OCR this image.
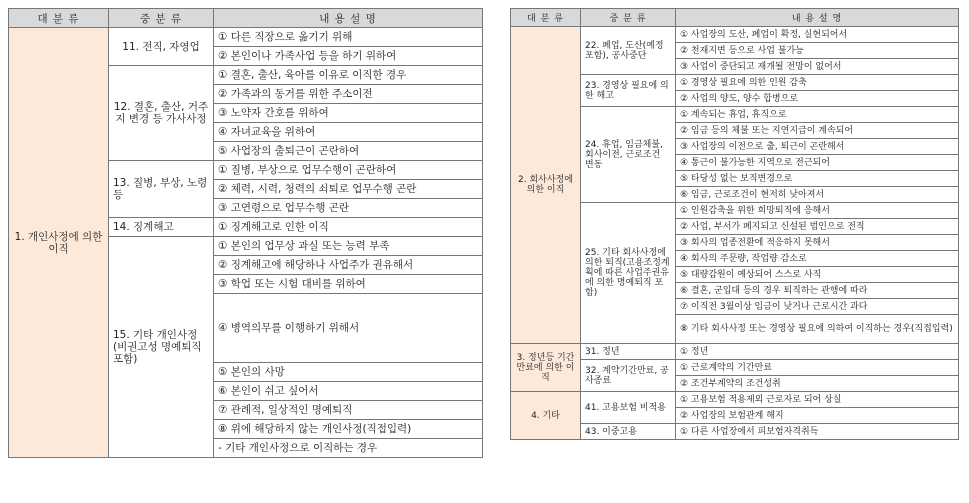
대 분 류	중 분 류	내 용 설 명
1. 개인사정에 의한 이직	11. 전직, 자영업	① 다른 직장으로 옮기기 위해
		② 본인이나 가족사업 등을 하기 위하여
	12. 결혼, 출산, 거주지 변경 등 가사사정	① 결혼, 출산, 육아를 이유로 이직한 경우
		② 가족과의 동거를 위한 주소이전
		③ 노약자 간호를 위하여
		④ 자녀교육을 위하여
		⑤ 사업장의 출퇴근이 곤란하여
	13. 질병, 부상, 노령 등	① 질병, 부상으로 업무수행이 곤란하여
		② 체력, 시력, 청력의 쇠퇴로 업무수행 곤란
		③ 고연령으로 업무수행 곤란
	14. 징계해고	① 징계해고로 인한 이직
	15. 기타 개인사정(비권고성 명예퇴직 포함)	① 본인의 업무상 과실 또는 능력 부족
		② 징계해고에 해당하나 사업주가 권유해서
		③ 학업 또는 시험 대비를 위하여
		④ 병역의무를 이행하기 위해서
		⑤ 본인의 사망
		⑥ 본인이 쉬고 싶어서
		⑦ 관례적, 일상적인 명예퇴직
		⑧ 위에 해당하지 않는 개인사정(직접입력)
		- 기타 개인사정으로 이직하는 경우
대 분 류	중 분 류	내 용 설 명
2. 회사사정에 의한 이직	22. 폐업, 도산(예정포함), 공사중단	① 사업장의 도산, 폐업이 확정, 실현되어서
		② 천재지변 등으로 사업 불가능
		③ 사업이 중단되고 재개될 전망이 없어서
	23. 경영상 필요에 의한 해고	① 경영상 필요에 의한 인원 감축
		② 사업의 양도, 양수 합병으로
	24. 휴업, 임금체불, 회사이전, 근로조건 변동	① 계속되는 휴업, 휴직으로
		② 임금 등의 체불 또는 지연지급이 계속되어
		③ 사업장의 이전으로 출, 퇴근이 곤란해서
		④ 통근이 불가능한 지역으로 전근되어
		⑤ 타당성 없는 보직변경으로
		⑥ 임금, 근로조건이 현저히 낮아져서
	25. 기타 회사사정에 의한 퇴직(고용조정계획에 따른 사업주권유에 의한 명예퇴직 포함)	① 인원감축을 위한 희망퇴직에 응해서
		② 사업, 부서가 폐지되고 신설된 법인으로 전직
		③ 회사의 업종전환에 적응하지 못해서
		④ 회사의 주문량, 작업량 감소로
		⑤ 대량감원이 예상되어 스스로 사직
		⑥ 결혼, 군입대 등의 경우 퇴직하는 관행에 따라
		⑦ 이직전 3월이상 임금이 낮거나 근로시간 과다
		⑧ 기타 회사사정 또는 경영상 필요에 의하여 이직하는 경우(직접입력)
3. 정년등 기간 만료에 의한 이직	31. 정년	① 정년
	32. 계약기간만료, 공사종료	① 근로계약의 기간만료
		② 조건부계약의 조건성취
4. 기타	41. 고용보험 비적용	① 고용보험 적용제외 근로자로 되어 상실
		② 사업장의 보험관계 해지
	43. 이중고용	① 다른 사업장에서 피보험자격취득
